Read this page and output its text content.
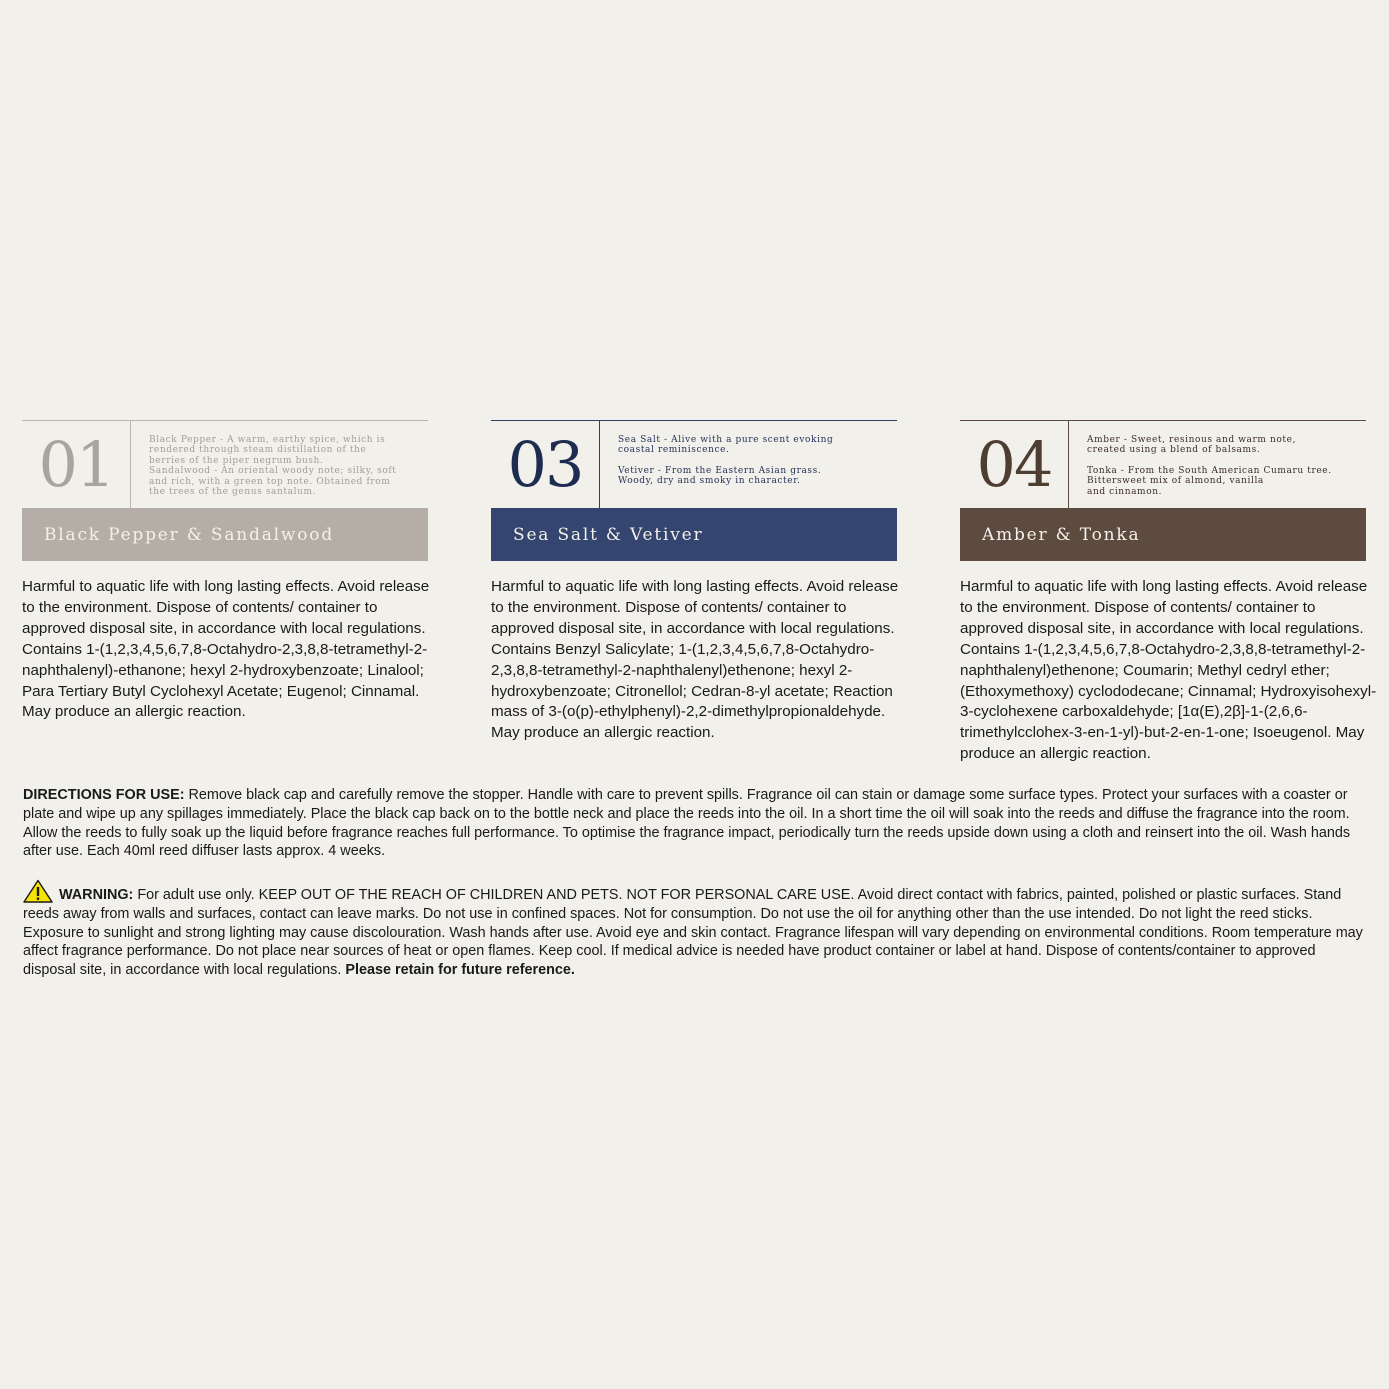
01	Black Pepper - A warm, earthy spice, which is
rendered through steam distillation of the
berries of the piper negrum bush.

Sandalwood - An oriental woody note; silky, soft
and rich, with a green top note. Obtained from
the trees of the genus santalum.

Black Pepper & Sandalwood

Harmful to aquatic life with long lasting effects. Avoid release to the environment. Dispose of contents/ container to approved disposal site, in accordance with local regulations. Contains 1-(1,2,3,4,5,6,7,8-Octahydro-2,3,8,8-tetramethyl-2-naphthalenyl)-ethanone; hexyl 2-hydroxybenzoate; Linalool; Para Tertiary Butyl Cyclohexyl Acetate; Eugenol; Cinnamal. May produce an allergic reaction.

03	Sea Salt - Alive with a pure scent evoking
coastal reminiscence.

Vetiver - From the Eastern Asian grass.
Woody, dry and smoky in character.

Sea Salt & Vetiver

Harmful to aquatic life with long lasting effects. Avoid release to the environment. Dispose of contents/ container to approved disposal site, in accordance with local regulations. Contains Benzyl Salicylate; 1-(1,2,3,4,5,6,7,8-Octahydro-2,3,8,8-tetramethyl-2-naphthalenyl)ethenone; hexyl 2-hydroxybenzoate; Citronellol; Cedran-8-yl acetate; Reaction mass of 3-(o(p)-ethylphenyl)-2,2-dimethylpropionaldehyde. May produce an allergic reaction.

04	Amber - Sweet, resinous and warm note,
created using a blend of balsams.

Tonka - From the South American Cumaru tree.
Bittersweet mix of almond, vanilla
and cinnamon.

Amber & Tonka

Harmful to aquatic life with long lasting effects. Avoid release to the environment. Dispose of contents/ container to approved disposal site, in accordance with local regulations. Contains 1-(1,2,3,4,5,6,7,8-Octahydro-2,3,8,8-tetramethyl-2-naphthalenyl)ethenone; Coumarin; Methyl cedryl ether; (Ethoxymethoxy) cyclododecane; Cinnamal; Hydroxyisohexyl-3-cyclohexene carboxaldehyde; [1α(E),2β]-1-(2,6,6-trimethylcclohex-3-en-1-yl)-but-2-en-1-one; Isoeugenol. May produce an allergic reaction.

DIRECTIONS FOR USE: Remove black cap and carefully remove the stopper. Handle with care to prevent spills. Fragrance oil can stain or damage some surface types. Protect your surfaces with a coaster or plate and wipe up any spillages immediately. Place the black cap back on to the bottle neck and place the reeds into the oil. In a short time the oil will soak into the reeds and diffuse the fragrance into the room. Allow the reeds to fully soak up the liquid before fragrance reaches full performance. To optimise the fragrance impact, periodically turn the reeds upside down using a cloth and reinsert into the oil. Wash hands after use. Each 40ml reed diffuser lasts approx. 4 weeks.

WARNING: For adult use only. KEEP OUT OF THE REACH OF CHILDREN AND PETS. NOT FOR PERSONAL CARE USE. Avoid direct contact with fabrics, painted, polished or plastic surfaces. Stand reeds away from walls and surfaces, contact can leave marks. Do not use in confined spaces. Not for consumption. Do not use the oil for anything other than the use intended. Do not light the reed sticks. Exposure to sunlight and strong lighting may cause discolouration. Wash hands after use. Avoid eye and skin contact. Fragrance lifespan will vary depending on environmental conditions. Room temperature may affect fragrance performance. Do not place near sources of heat or open flames. Keep cool. If medical advice is needed have product container or label at hand. Dispose of contents/container to approved disposal site, in accordance with local regulations. Please retain for future reference.
